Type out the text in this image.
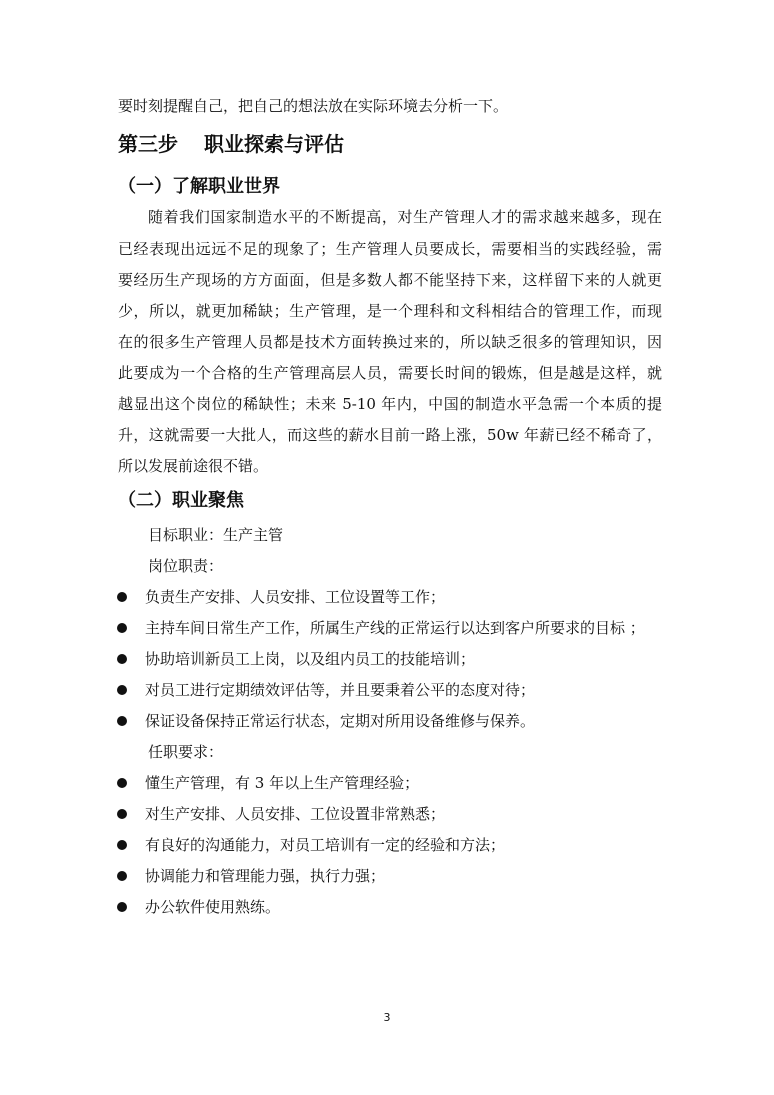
要时刻提醒自己，把自己的想法放在实际环境去分析一下。
第三步 职业探索与评估
（一）了解职业世界
随着我们国家制造水平的不断提高，对生产管理人才的需求越来越多，现在
已经表现出远远不足的现象了；生产管理人员要成长，需要相当的实践经验，需
要经历生产现场的方方面面，但是多数人都不能坚持下来，这样留下来的人就更
少，所以，就更加稀缺；生产管理，是一个理科和文科相结合的管理工作，而现
在的很多生产管理人员都是技术方面转换过来的，所以缺乏很多的管理知识，因
此要成为一个合格的生产管理高层人员，需要长时间的锻炼，但是越是这样，就
越显出这个岗位的稀缺性；未来 5-10 年内，中国的制造水平急需一个本质的提
升，这就需要一大批人，而这些的薪水目前一路上涨，50w 年薪已经不稀奇了，
所以发展前途很不错。
（二）职业聚焦
目标职业：生产主管
岗位职责：
负责生产安排、人员安排、工位设置等工作；
主持车间日常生产工作，所属生产线的正常运行以达到客户所要求的目标 ；
协助培训新员工上岗，以及组内员工的技能培训；
对员工进行定期绩效评估等，并且要秉着公平的态度对待；
保证设备保持正常运行状态，定期对所用设备维修与保养。
任职要求：
懂生产管理，有 3 年以上生产管理经验；
对生产安排、人员安排、工位设置非常熟悉；
有良好的沟通能力，对员工培训有一定的经验和方法；
协调能力和管理能力强，执行力强；
办公软件使用熟练。
3
